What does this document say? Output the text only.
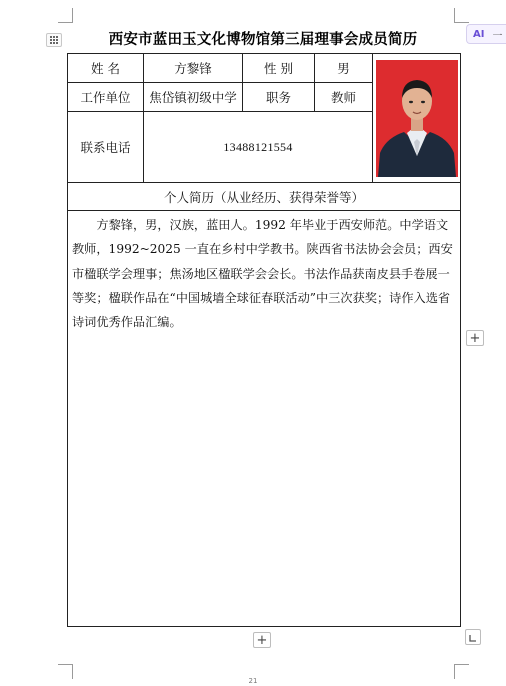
AI 一
西安市蓝田玉文化博物馆第三届理事会成员简历
姓 名	方黎锋	性 别	男	

工作单位	焦岱镇初级中学	职务	教师	
联系电话	13488121554			
个人简历（从业经历、获得荣誉等）				
方黎锋，男，汉族，蓝田人。1992 年毕业于西安师范。中学语文教师，1992~2025 一直在乡村中学教书。陕西省书法协会会员；西安市楹联学会理事；焦汤地区楹联学会会长。书法作品获南皮县手卷展一等奖；楹联作品在“中国城墙全球征春联活动”中三次获奖；诗作入选省诗词优秀作品汇编。				
+
+
21
